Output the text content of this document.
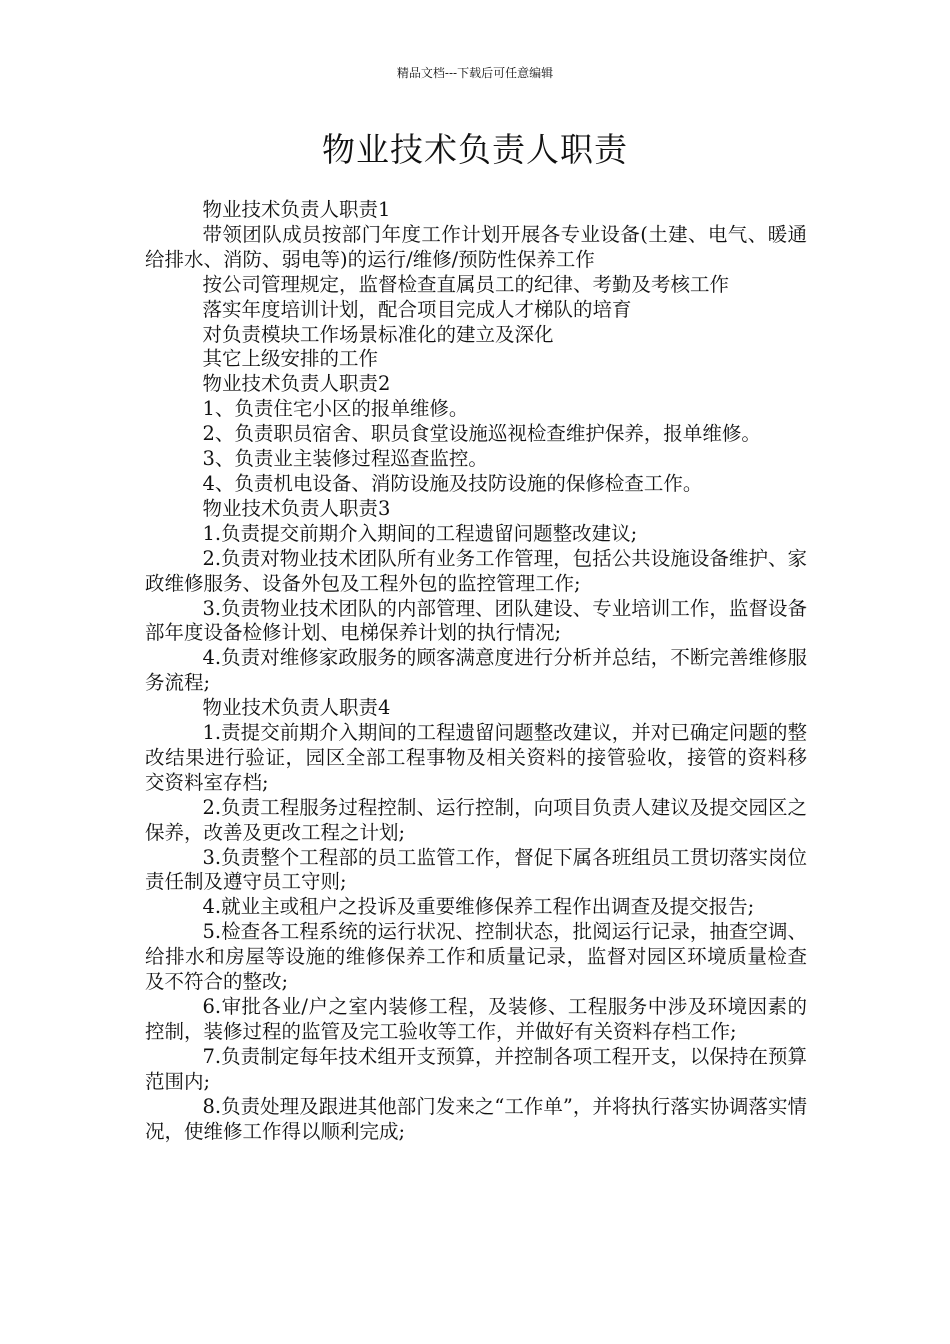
精品文档---下载后可任意编辑
物业技术负责人职责

物业技术负责人职责1

带领团队成员按部门年度工作计划开展各专业设备(土建、电气、暖通给排水、消防、弱电等)的运行/维修/预防性保养工作

按公司管理规定，监督检查直属员工的纪律、考勤及考核工作

落实年度培训计划，配合项目完成人才梯队的培育

对负责模块工作场景标准化的建立及深化

其它上级安排的工作

物业技术负责人职责2

1、负责住宅小区的报单维修。

2、负责职员宿舍、职员食堂设施巡视检查维护保养，报单维修。

3、负责业主装修过程巡查监控。

4、负责机电设备、消防设施及技防设施的保修检查工作。

物业技术负责人职责3

1.负责提交前期介入期间的工程遗留问题整改建议;

2.负责对物业技术团队所有业务工作管理，包括公共设施设备维护、家政维修服务、设备外包及工程外包的监控管理工作;

3.负责物业技术团队的内部管理、团队建设、专业培训工作，监督设备部年度设备检修计划、电梯保养计划的执行情况;

4.负责对维修家政服务的顾客满意度进行分析并总结，不断完善维修服务流程;

物业技术负责人职责4

1.责提交前期介入期间的工程遗留问题整改建议，并对已确定问题的整改结果进行验证，园区全部工程事物及相关资料的接管验收，接管的资料移交资料室存档;

2.负责工程服务过程控制、运行控制，向项目负责人建议及提交园区之保养，改善及更改工程之计划;

3.负责整个工程部的员工监管工作，督促下属各班组员工贯切落实岗位责任制及遵守员工守则;

4.就业主或租户之投诉及重要维修保养工程作出调查及提交报告;

5.检查各工程系统的运行状况、控制状态，批阅运行记录，抽查空调、给排水和房屋等设施的维修保养工作和质量记录，监督对园区环境质量检查及不符合的整改;

6.审批各业/户之室内装修工程，及装修、工程服务中涉及环境因素的控制，装修过程的监管及完工验收等工作，并做好有关资料存档工作;

7.负责制定每年技术组开支预算，并控制各项工程开支，以保持在预算范围内;

8.负责处理及跟进其他部门发来之“工作单”，并将执行落实协调落实情况，使维修工作得以顺利完成;
